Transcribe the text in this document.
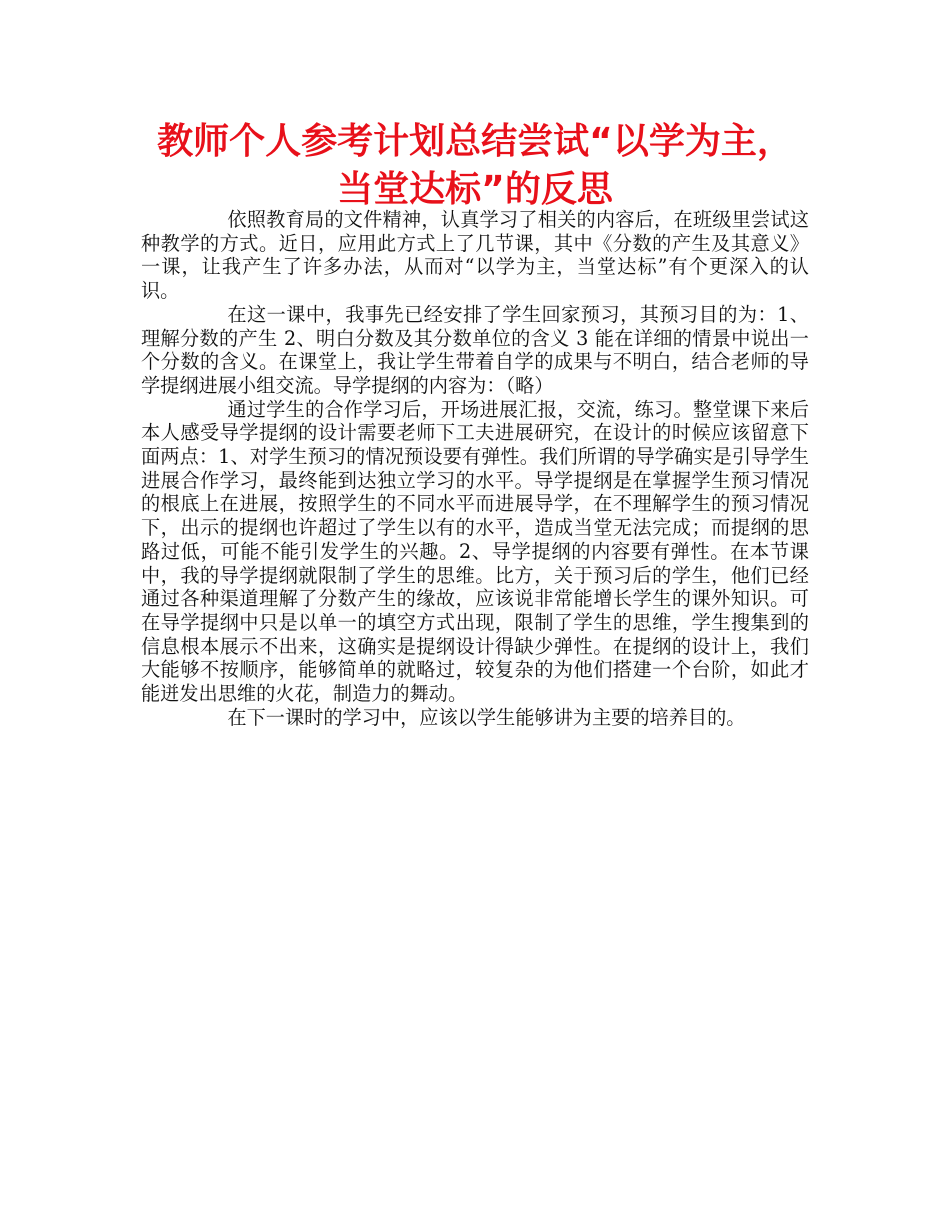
教师个人参考计划总结尝试“以学为主，当堂达标”的反思

依照教育局的文件精神，认真学习了相关的内容后，在班级里尝试这种教学的方式。近日，应用此方式上了几节课，其中《分数的产生及其意义》一课，让我产生了许多办法，从而对“以学为主，当堂达标”有个更深入的认识。

在这一课中，我事先已经安排了学生回家预习，其预习目的为：1、理解分数的产生 2、明白分数及其分数单位的含义 3 能在详细的情景中说出一个分数的含义。在课堂上，我让学生带着自学的成果与不明白，结合老师的导学提纲进展小组交流。导学提纲的内容为：（略）

通过学生的合作学习后，开场进展汇报，交流，练习。整堂课下来后本人感受导学提纲的设计需要老师下工夫进展研究，在设计的时候应该留意下面两点：1、对学生预习的情况预设要有弹性。我们所谓的导学确实是引导学生进展合作学习，最终能到达独立学习的水平。导学提纲是在掌握学生预习情况的根底上在进展，按照学生的不同水平而进展导学，在不理解学生的预习情况下，出示的提纲也许超过了学生以有的水平，造成当堂无法完成；而提纲的思路过低，可能不能引发学生的兴趣。2、导学提纲的内容要有弹性。在本节课中，我的导学提纲就限制了学生的思维。比方，关于预习后的学生，他们已经通过各种渠道理解了分数产生的缘故，应该说非常能增长学生的课外知识。可在导学提纲中只是以单一的填空方式出现，限制了学生的思维，学生搜集到的信息根本展示不出来，这确实是提纲设计得缺少弹性。在提纲的设计上，我们大能够不按顺序，能够简单的就略过，较复杂的为他们搭建一个台阶，如此才能迸发出思维的火花，制造力的舞动。

在下一课时的学习中，应该以学生能够讲为主要的培养目的。
